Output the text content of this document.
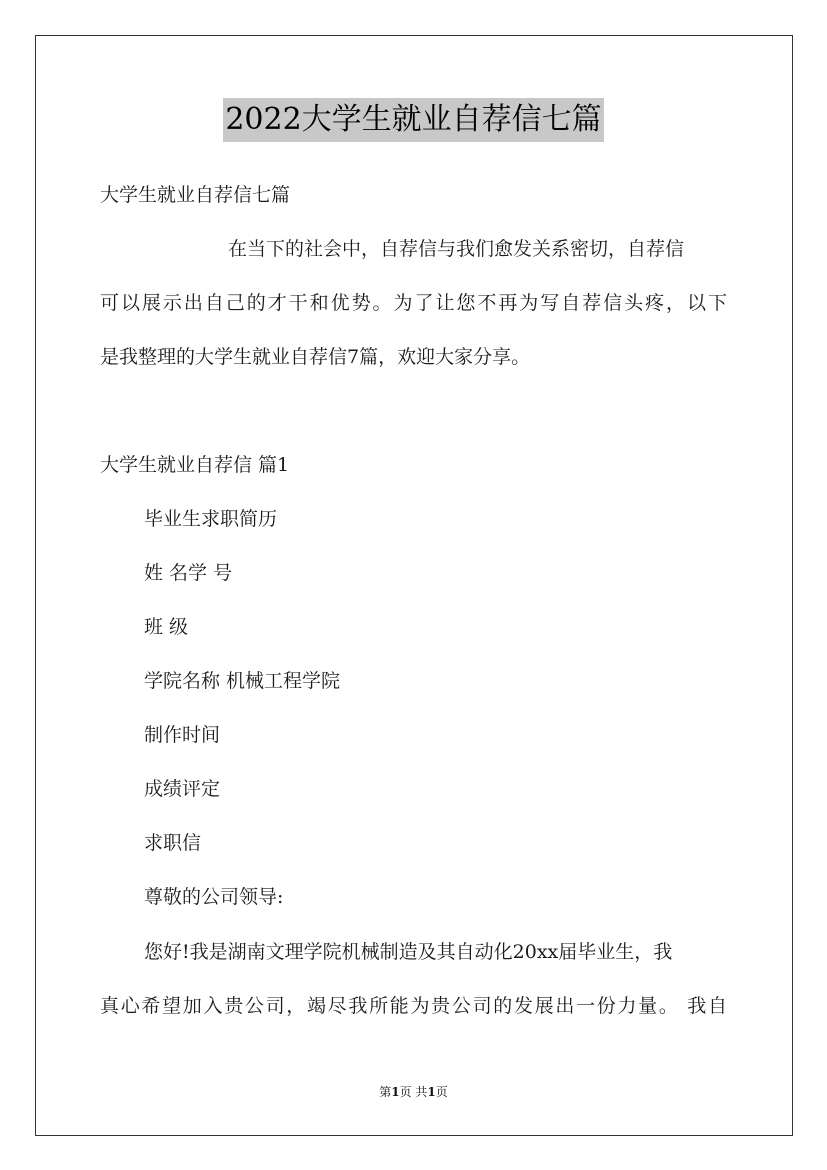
2022大学生就业自荐信七篇
大学生就业自荐信七篇
在当下的社会中，自荐信与我们愈发关系密切，自荐信
可以展示出自己的才干和优势。为了让您不再为写自荐信头疼，以下
是我整理的大学生就业自荐信7篇，欢迎大家分享。
大学生就业自荐信 篇1
毕业生求职简历
姓 名学 号
班 级
学院名称 机械工程学院
制作时间
成绩评定
求职信
尊敬的公司领导:
您好!我是湖南文理学院机械制造及其自动化20xx届毕业生，我
真心希望加入贵公司，竭尽我所能为贵公司的发展出一份力量。 我自
第1页 共1页
